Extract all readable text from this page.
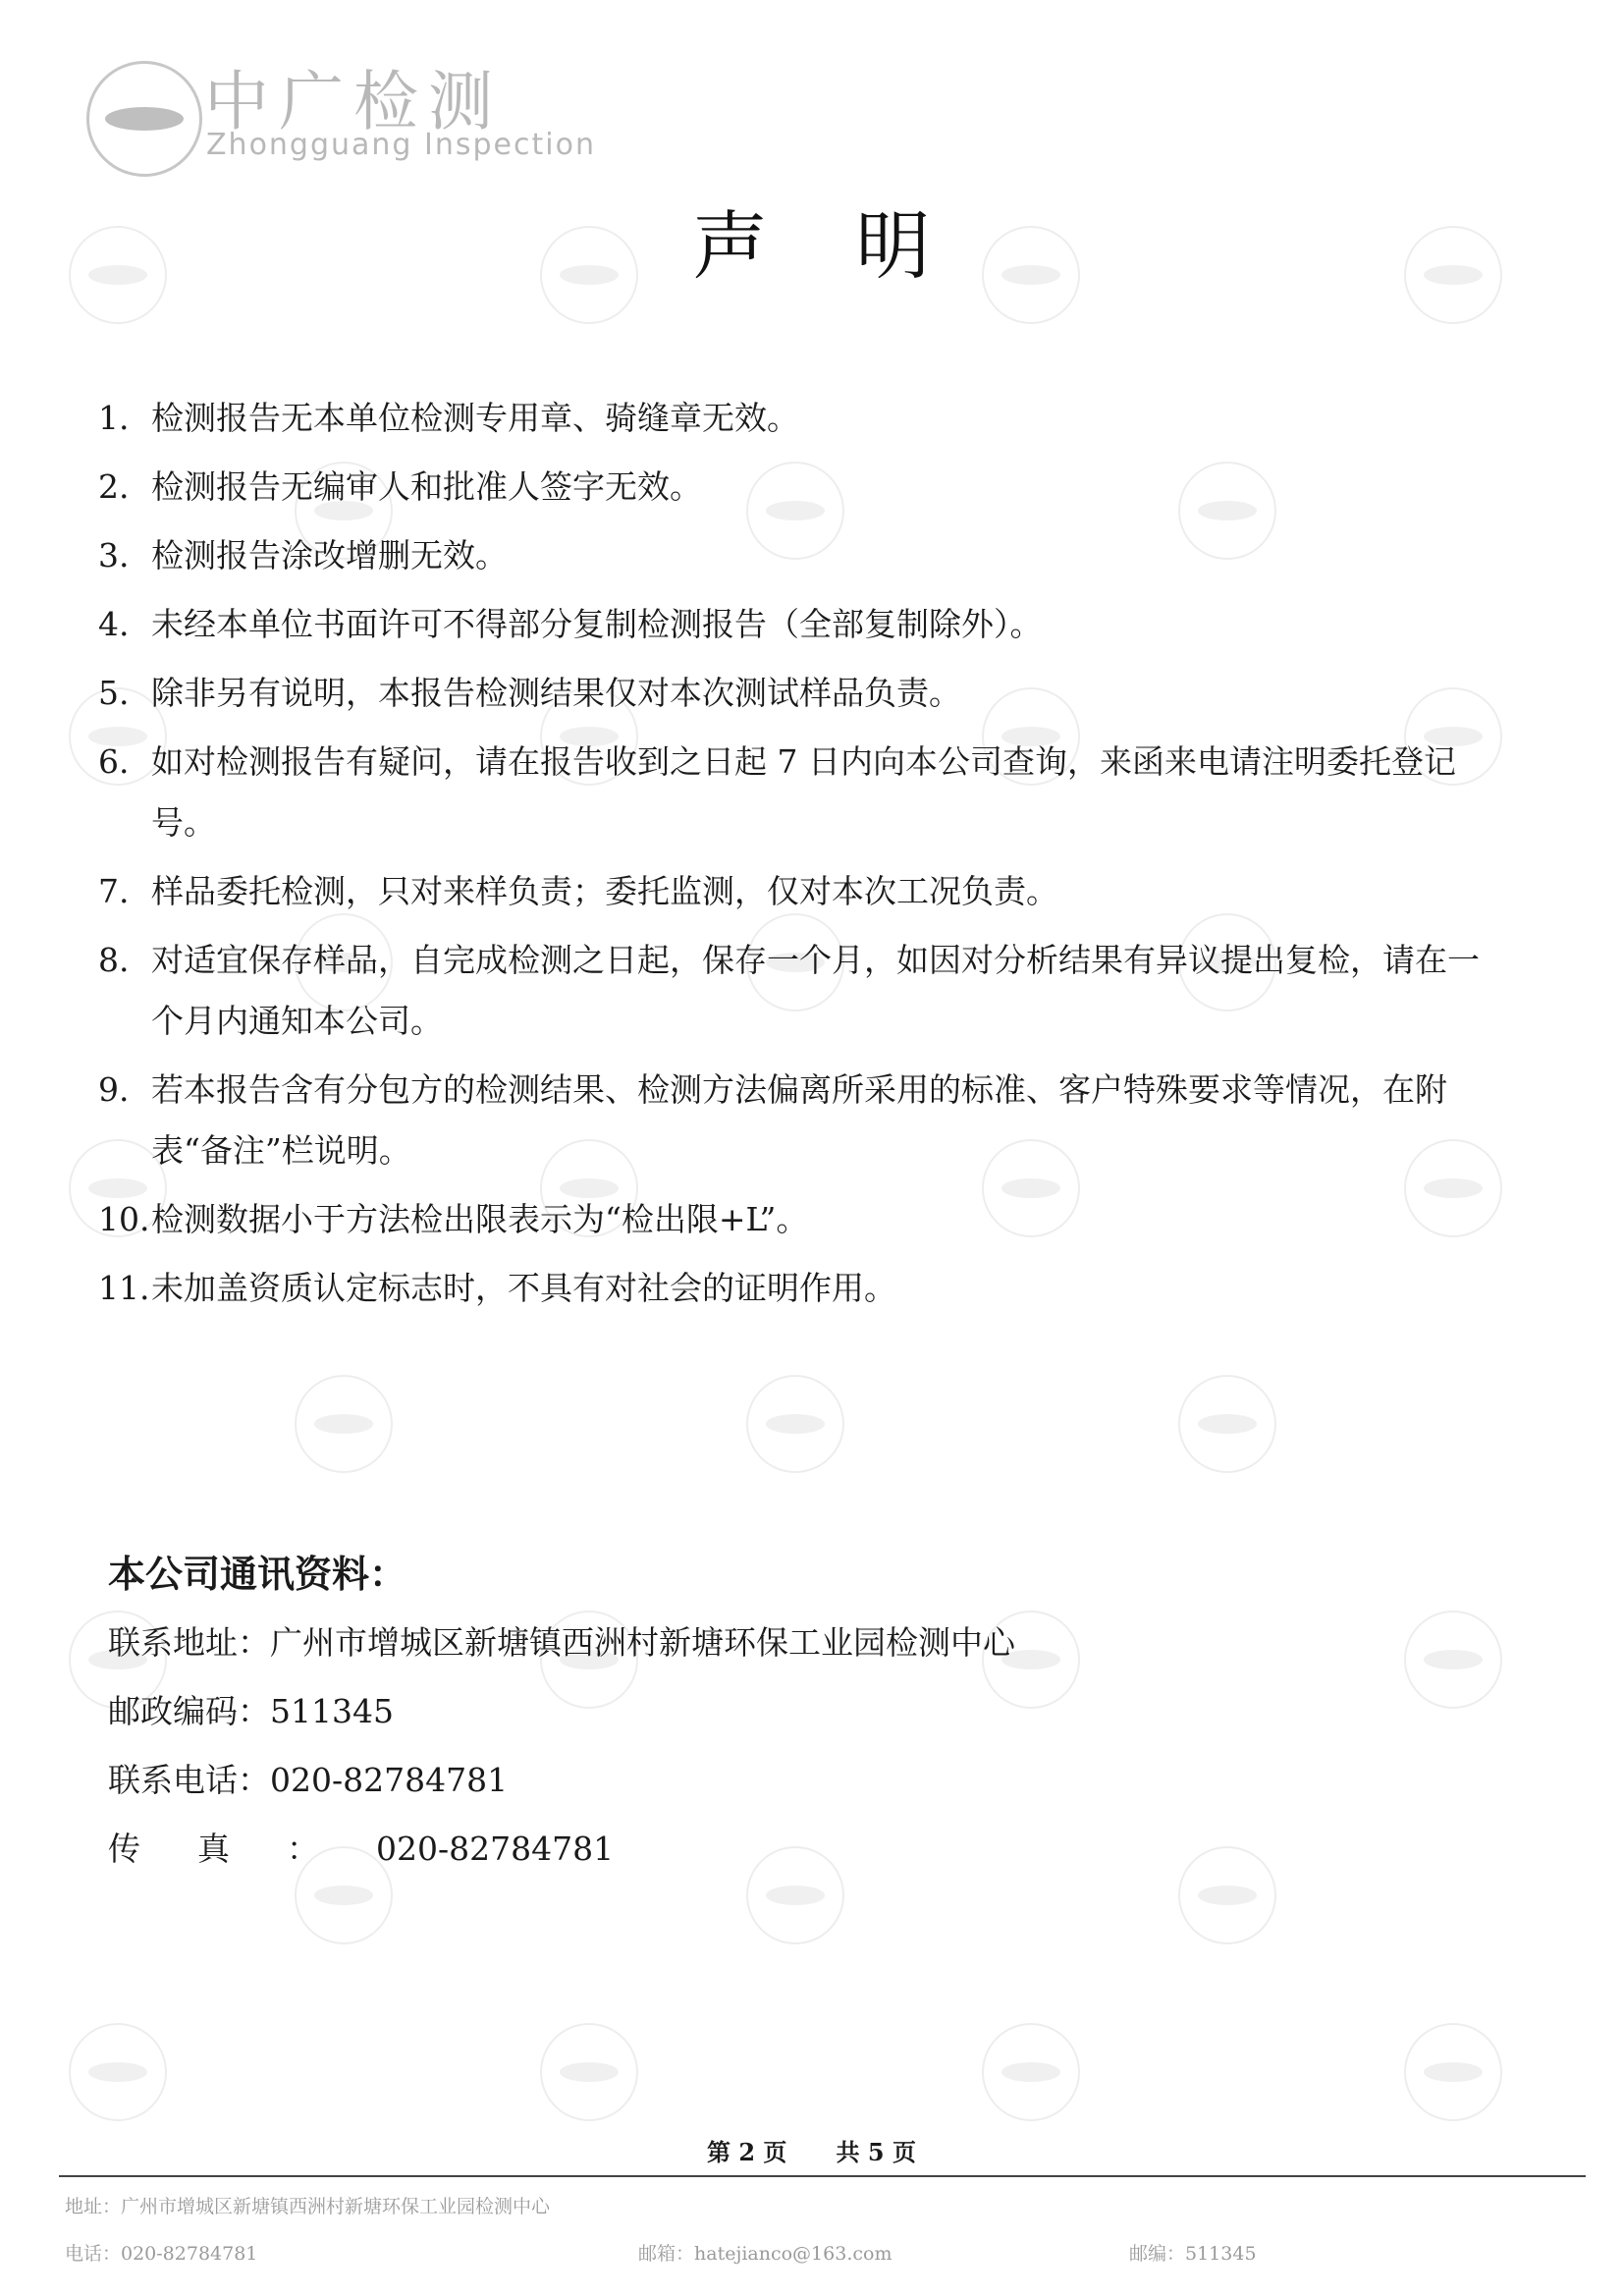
中广检测
Zhongguang Inspection
声明
1. 检测报告无本单位检测专用章、骑缝章无效。
2. 检测报告无编审人和批准人签字无效。
3. 检测报告涂改增删无效。
4. 未经本单位书面许可不得部分复制检测报告（全部复制除外）。
5. 除非另有说明，本报告检测结果仅对本次测试样品负责。
6. 如对检测报告有疑问，请在报告收到之日起 7 日内向本公司查询，来函来电请注明委托登记号。
7. 样品委托检测，只对来样负责；委托监测，仅对本次工况负责。
8. 对适宜保存样品，自完成检测之日起，保存一个月，如因对分析结果有异议提出复检，请在一个月内通知本公司。
9. 若本报告含有分包方的检测结果、检测方法偏离所采用的标准、客户特殊要求等情况，在附表“备注”栏说明。
10. 检测数据小于方法检出限表示为“检出限+L”。
11. 未加盖资质认定标志时，不具有对社会的证明作用。
本公司通讯资料：
联系地址：广州市增城区新塘镇西洲村新塘环保工业园检测中心
邮政编码：511345
联系电话：020-82784781
传真：020-82784781
第 2 页      共 5 页
地址：广州市增城区新塘镇西洲村新塘环保工业园检测中心
电话：020-82784781	邮箱：hatejianco@163.com	邮编：511345
